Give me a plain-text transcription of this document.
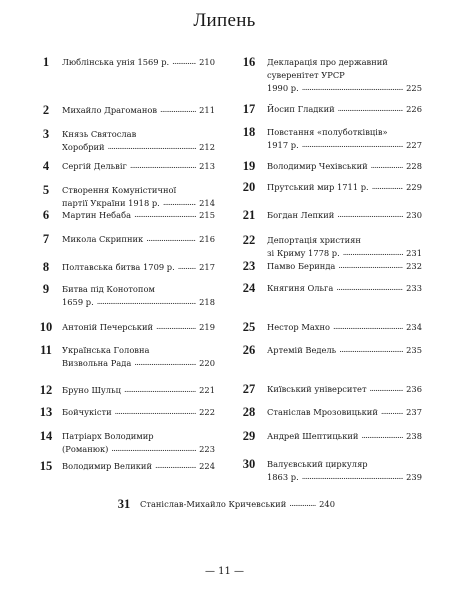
Липень
1	Люблінська унія 1569 р. . . .	210
2	Михайло Драгоманов . . .	211
3	Князь Святослав
Хоробрий . . .	212
4	Сергій Дельвіг . . .	213
5	Створення Комуністичної
партії України 1918 р. . . .	214
6	Мартин Небаба . . .	215
7	Микола Скрипник . . .	216
8	Полтавська битва 1709 р. . . .	217
9	Битва під Конотопом
1659 р. . . .	218
10 Антоній Печерський . . .	219
11 Українська Головна
Визвольна Рада . . .	220
12 Бруно Шульц . . .	221
13 Бойчукісти . . .	222
14 Патріарх Володимир
(Романюк) . . .	223
15 Володимир Великий . . .	224
16 Декларація про державний
суверенітет УРСР
1990 р. . . .	225
17 Йосип Гладкий . . .	226
18 Повстання «полуботківців»
1917 р. . . .	227
19 Володимир Чехівський . . .	228
20 Прутський мир 1711 р. . . .	229
21 Богдан Лепкий . . .	230
22 Депортація християн
зі Криму 1778 р. . . .	231
23 Памво Беринда . . .	232
24 Княгиня Ольга . . .	233
25 Нестор Махно . . .	234
26 Артемій Ведель . . .	235
27 Київський університет . . .	236
28 Станіслав Мрозовицький . . .	237
29 Андрей Шептицький . . .	238
30 Валуєвський циркуляр
1863 р. . . .	239
31	Станіслав-Михайло Кричевський . . .	240
— 11 —
